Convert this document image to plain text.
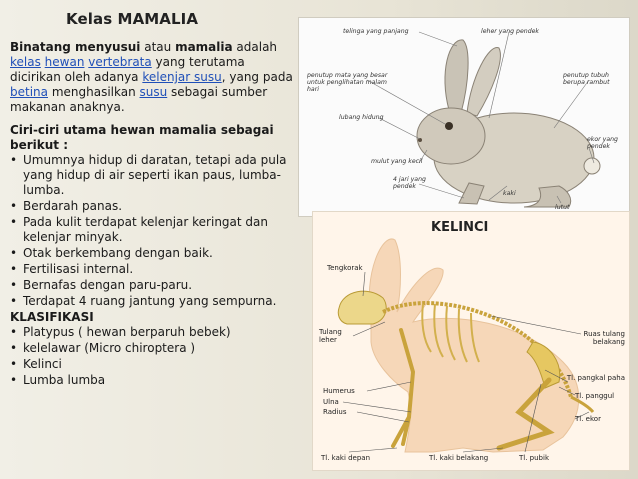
Kelas MAMALIA

Binatang menyusui atau mamalia adalah kelas hewan vertebrata yang terutama dicirikan oleh adanya kelenjar susu, yang pada betina menghasilkan susu sebagai sumber makanan anaknya.

Ciri-ciri utama hewan mamalia sebagai berikut :

• Umumnya hidup di daratan, tetapi ada pula yang hidup di air seperti ikan paus, lumba-lumba.
• Berdarah panas.
• Pada kulit terdapat kelenjar keringat dan kelenjar minyak.
• Otak berkembang dengan baik.
• Fertilisasi internal.
• Bernafas dengan paru-paru.
• Terdapat 4 ruang jantung yang sempurna.

KLASIFIKASI

• Platypus ( hewan berparuh bebek)
• kelelawar (Micro chiroptera )
• Kelinci
• Lumba lumba
telinga yang panjang	leher yang pendek
penutup mata yang besar untuk penglihatan malam hari
penutup tubuh berupa rambut
lubang hidung
mulut yang kecil
ekor yang pendek
4 jari yang pendek
kaki
lutut
KELINCI
Tengkorak
Tulang leher
Ruas tulang belakang
Humerus
Ulna
Radius
Tl. pangkal paha
Tl. panggul
Tl. ekor
Tl. kaki depan	Tl. kaki belakang	Tl. pubik
